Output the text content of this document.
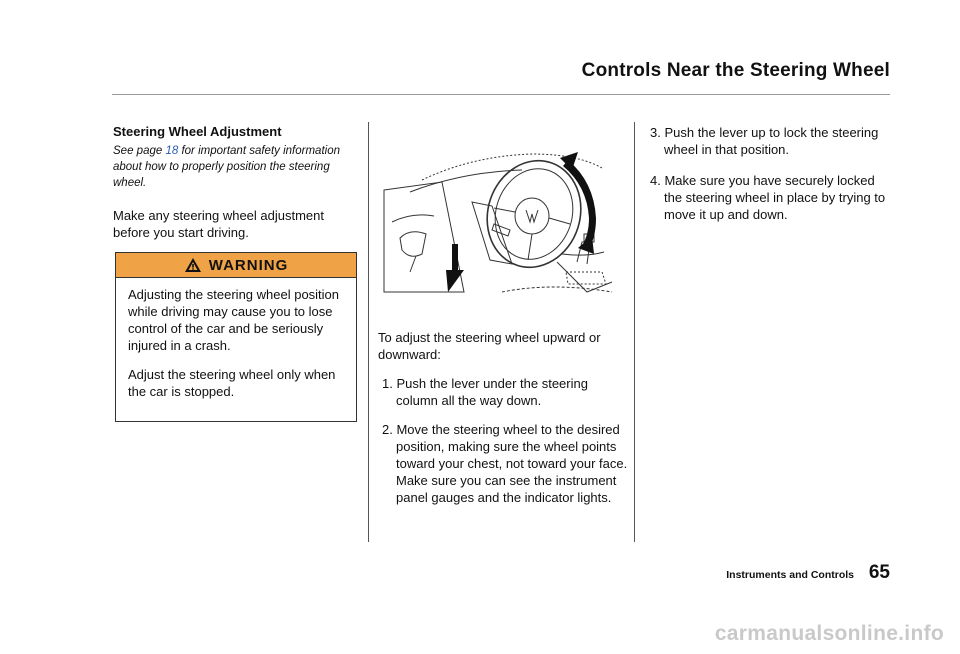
Controls Near the Steering Wheel
Steering Wheel Adjustment

See page 18 for important safety information about how to properly position the steering wheel.

Make any steering wheel adjustment before you start driving.

WARNING

Adjusting the steering wheel position while driving may cause you to lose control of the car and be seriously injured in a crash.

Adjust the steering wheel only when the car is stopped.

To adjust the steering wheel upward or downward:

1. Push the lever under the steering column all the way down.

2. Move the steering wheel to the desired position, making sure the wheel points toward your chest, not toward your face. Make sure you can see the instrument panel gauges and the indicator lights.

3. Push the lever up to lock the steering wheel in that position.

4. Make sure you have securely locked the steering wheel in place by trying to move it up and down.

Instruments and Controls 65
carmanualsonline.info
